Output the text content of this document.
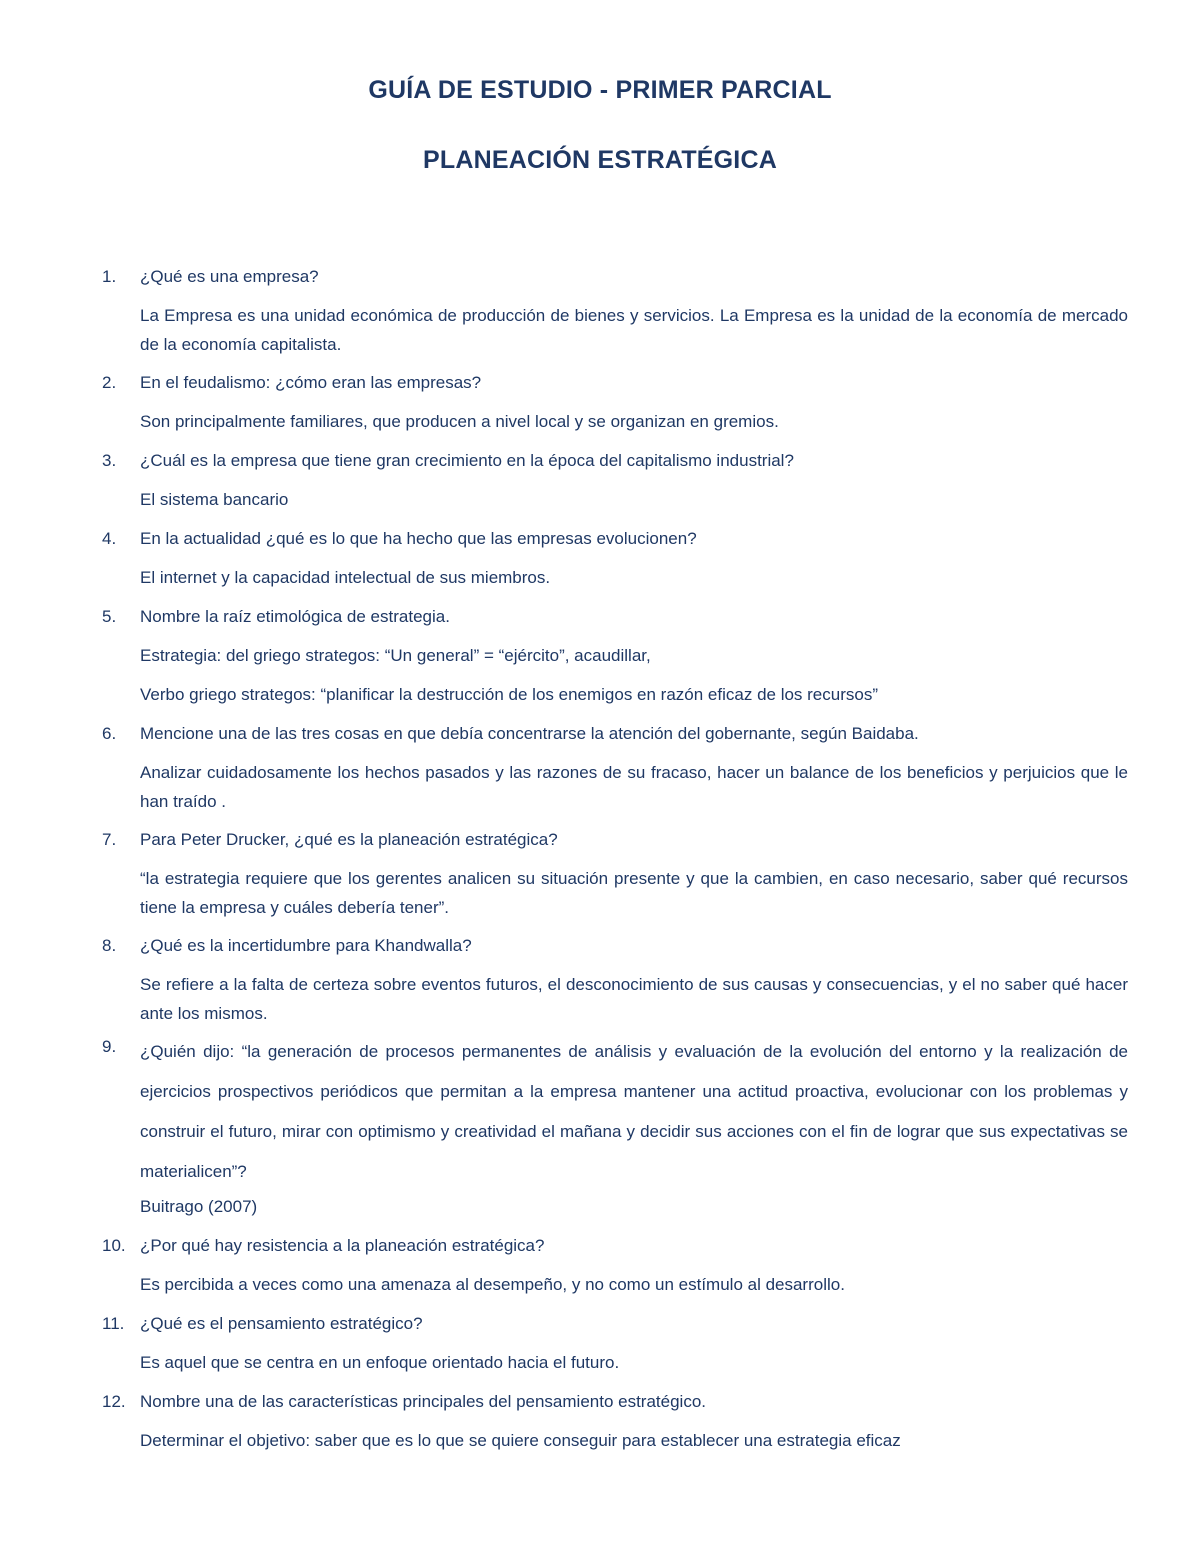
GUÍA DE ESTUDIO - PRIMER PARCIAL
PLANEACIÓN ESTRATÉGICA
1.	¿Qué es una empresa?

La Empresa es una unidad económica de producción de bienes y servicios. La Empresa es la unidad de la economía de mercado de la economía capitalista.

2.	En el feudalismo: ¿cómo eran las empresas?

Son principalmente familiares, que producen a nivel local y se organizan en gremios.

3.	¿Cuál es la empresa que tiene gran crecimiento en la época del capitalismo industrial?

El sistema bancario

4.	En la actualidad ¿qué es lo que ha hecho que las empresas evolucionen?

El internet y la capacidad intelectual de sus miembros.

5.	Nombre la raíz etimológica de estrategia.

Estrategia: del griego strategos: “Un general” = “ejército”, acaudillar,

Verbo griego strategos: “planificar la destrucción de los enemigos en razón eficaz de los recursos”

6.	Mencione una de las tres cosas en que debía concentrarse la atención del gobernante, según Baidaba.

Analizar cuidadosamente los hechos pasados y las razones de su fracaso, hacer un balance de los beneficios y perjuicios que le han traído .

7.	Para Peter Drucker, ¿qué es la planeación estratégica?

“la estrategia requiere que los gerentes analicen su situación presente y que la cambien, en caso necesario, saber qué recursos tiene la empresa y cuáles debería tener”.

8.	¿Qué es la incertidumbre para Khandwalla?

Se refiere a la falta de certeza sobre eventos futuros, el desconocimiento de sus causas y consecuencias, y el no saber qué hacer ante los mismos.

9.	¿Quién dijo: “la generación de procesos permanentes de análisis y evaluación de la evolución del entorno y la realización de ejercicios prospectivos periódicos que permitan a la empresa mantener una actitud proactiva, evolucionar con los problemas y construir el futuro, mirar con optimismo y creatividad el mañana y decidir sus acciones con el fin de lograr que sus expectativas se materialicen”?

Buitrago (2007)

10. ¿Por qué hay resistencia a la planeación estratégica?

Es percibida a veces como una amenaza al desempeño, y no como un estímulo al desarrollo.

11. ¿Qué es el pensamiento estratégico?

Es aquel que se centra en un enfoque orientado hacia el futuro.

12. Nombre una de las características principales del pensamiento estratégico.

Determinar el objetivo: saber que es lo que se quiere conseguir para establecer una estrategia eficaz
